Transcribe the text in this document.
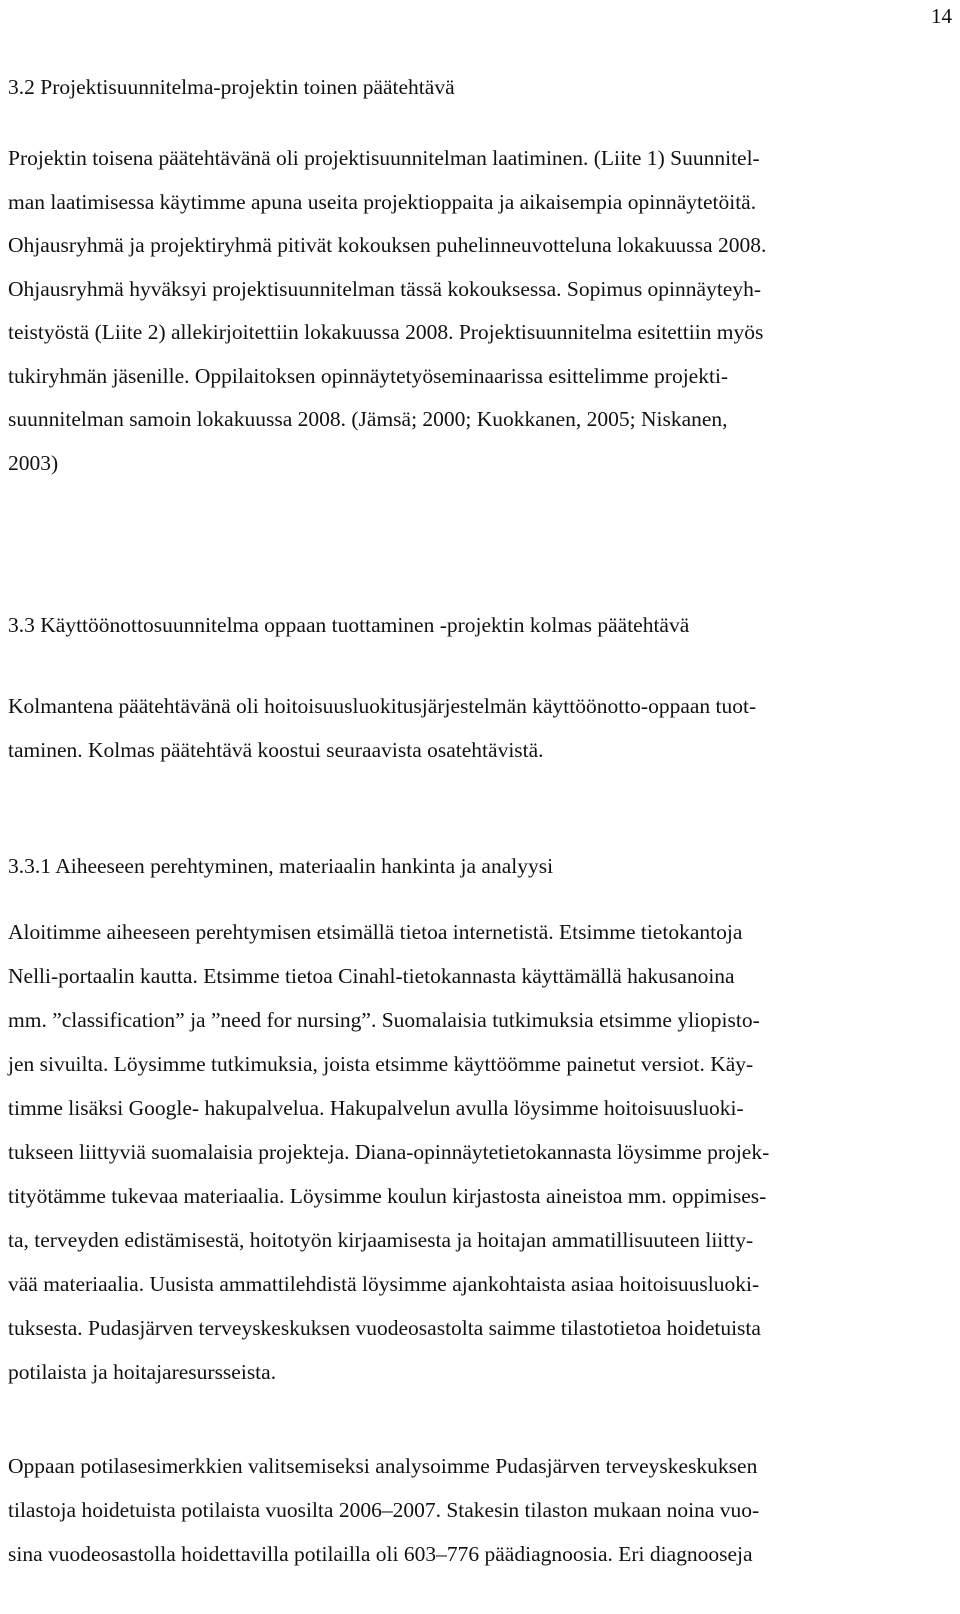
14
3.2 Projektisuunnitelma-projektin toinen päätehtävä
Projektin toisena päätehtävänä oli projektisuunnitelman laatiminen. (Liite 1) Suunnitel-
man laatimisessa käytimme apuna useita projektioppaita ja aikaisempia opinnäytetöitä.
Ohjausryhmä ja projektiryhmä pitivät kokouksen puhelinneuvotteluna lokakuussa 2008.
Ohjausryhmä hyväksyi projektisuunnitelman tässä kokouksessa. Sopimus opinnäyteyh-
teistyöstä (Liite 2) allekirjoitettiin lokakuussa 2008. Projektisuunnitelma esitettiin myös
tukiryhmän jäsenille. Oppilaitoksen opinnäytetyöseminaarissa esittelimme projekti-
suunnitelman samoin lokakuussa 2008. (Jämsä; 2000; Kuokkanen, 2005; Niskanen,
2003)
3.3 Käyttöönottosuunnitelma oppaan tuottaminen -projektin kolmas päätehtävä
Kolmantena päätehtävänä oli hoitoisuusluokitusjärjestelmän käyttöönotto-oppaan tuot-
taminen. Kolmas päätehtävä koostui seuraavista osatehtävistä.
3.3.1 Aiheeseen perehtyminen, materiaalin hankinta ja analyysi
Aloitimme aiheeseen perehtymisen etsimällä tietoa internetistä. Etsimme tietokantoja
Nelli-portaalin kautta. Etsimme tietoa Cinahl-tietokannasta käyttämällä hakusanoina
mm. ”classification” ja ”need for nursing”. Suomalaisia tutkimuksia etsimme yliopisto-
jen sivuilta. Löysimme tutkimuksia, joista etsimme käyttöömme painetut versiot. Käy-
timme lisäksi Google- hakupalvelua. Hakupalvelun avulla löysimme hoitoisuusluoki-
tukseen liittyviä suomalaisia projekteja. Diana-opinnäytetietokannasta löysimme projek-
tityötämme tukevaa materiaalia. Löysimme koulun kirjastosta aineistoa mm. oppimises-
ta, terveyden edistämisestä, hoitotyön kirjaamisesta ja hoitajan ammatillisuuteen liitty-
vää materiaalia. Uusista ammattilehdistä löysimme ajankohtaista asiaa hoitoisuusluoki-
tuksesta. Pudasjärven terveyskeskuksen vuodeosastolta saimme tilastotietoa hoidetuista
potilaista ja hoitajaresursseista.
Oppaan potilasesimerkkien valitsemiseksi analysoimme Pudasjärven terveyskeskuksen
tilastoja hoidetuista potilaista vuosilta 2006–2007. Stakesin tilaston mukaan noina vuo-
sina vuodeosastolla hoidettavilla potilailla oli 603–776 päädiagnoosia. Eri diagnooseja
